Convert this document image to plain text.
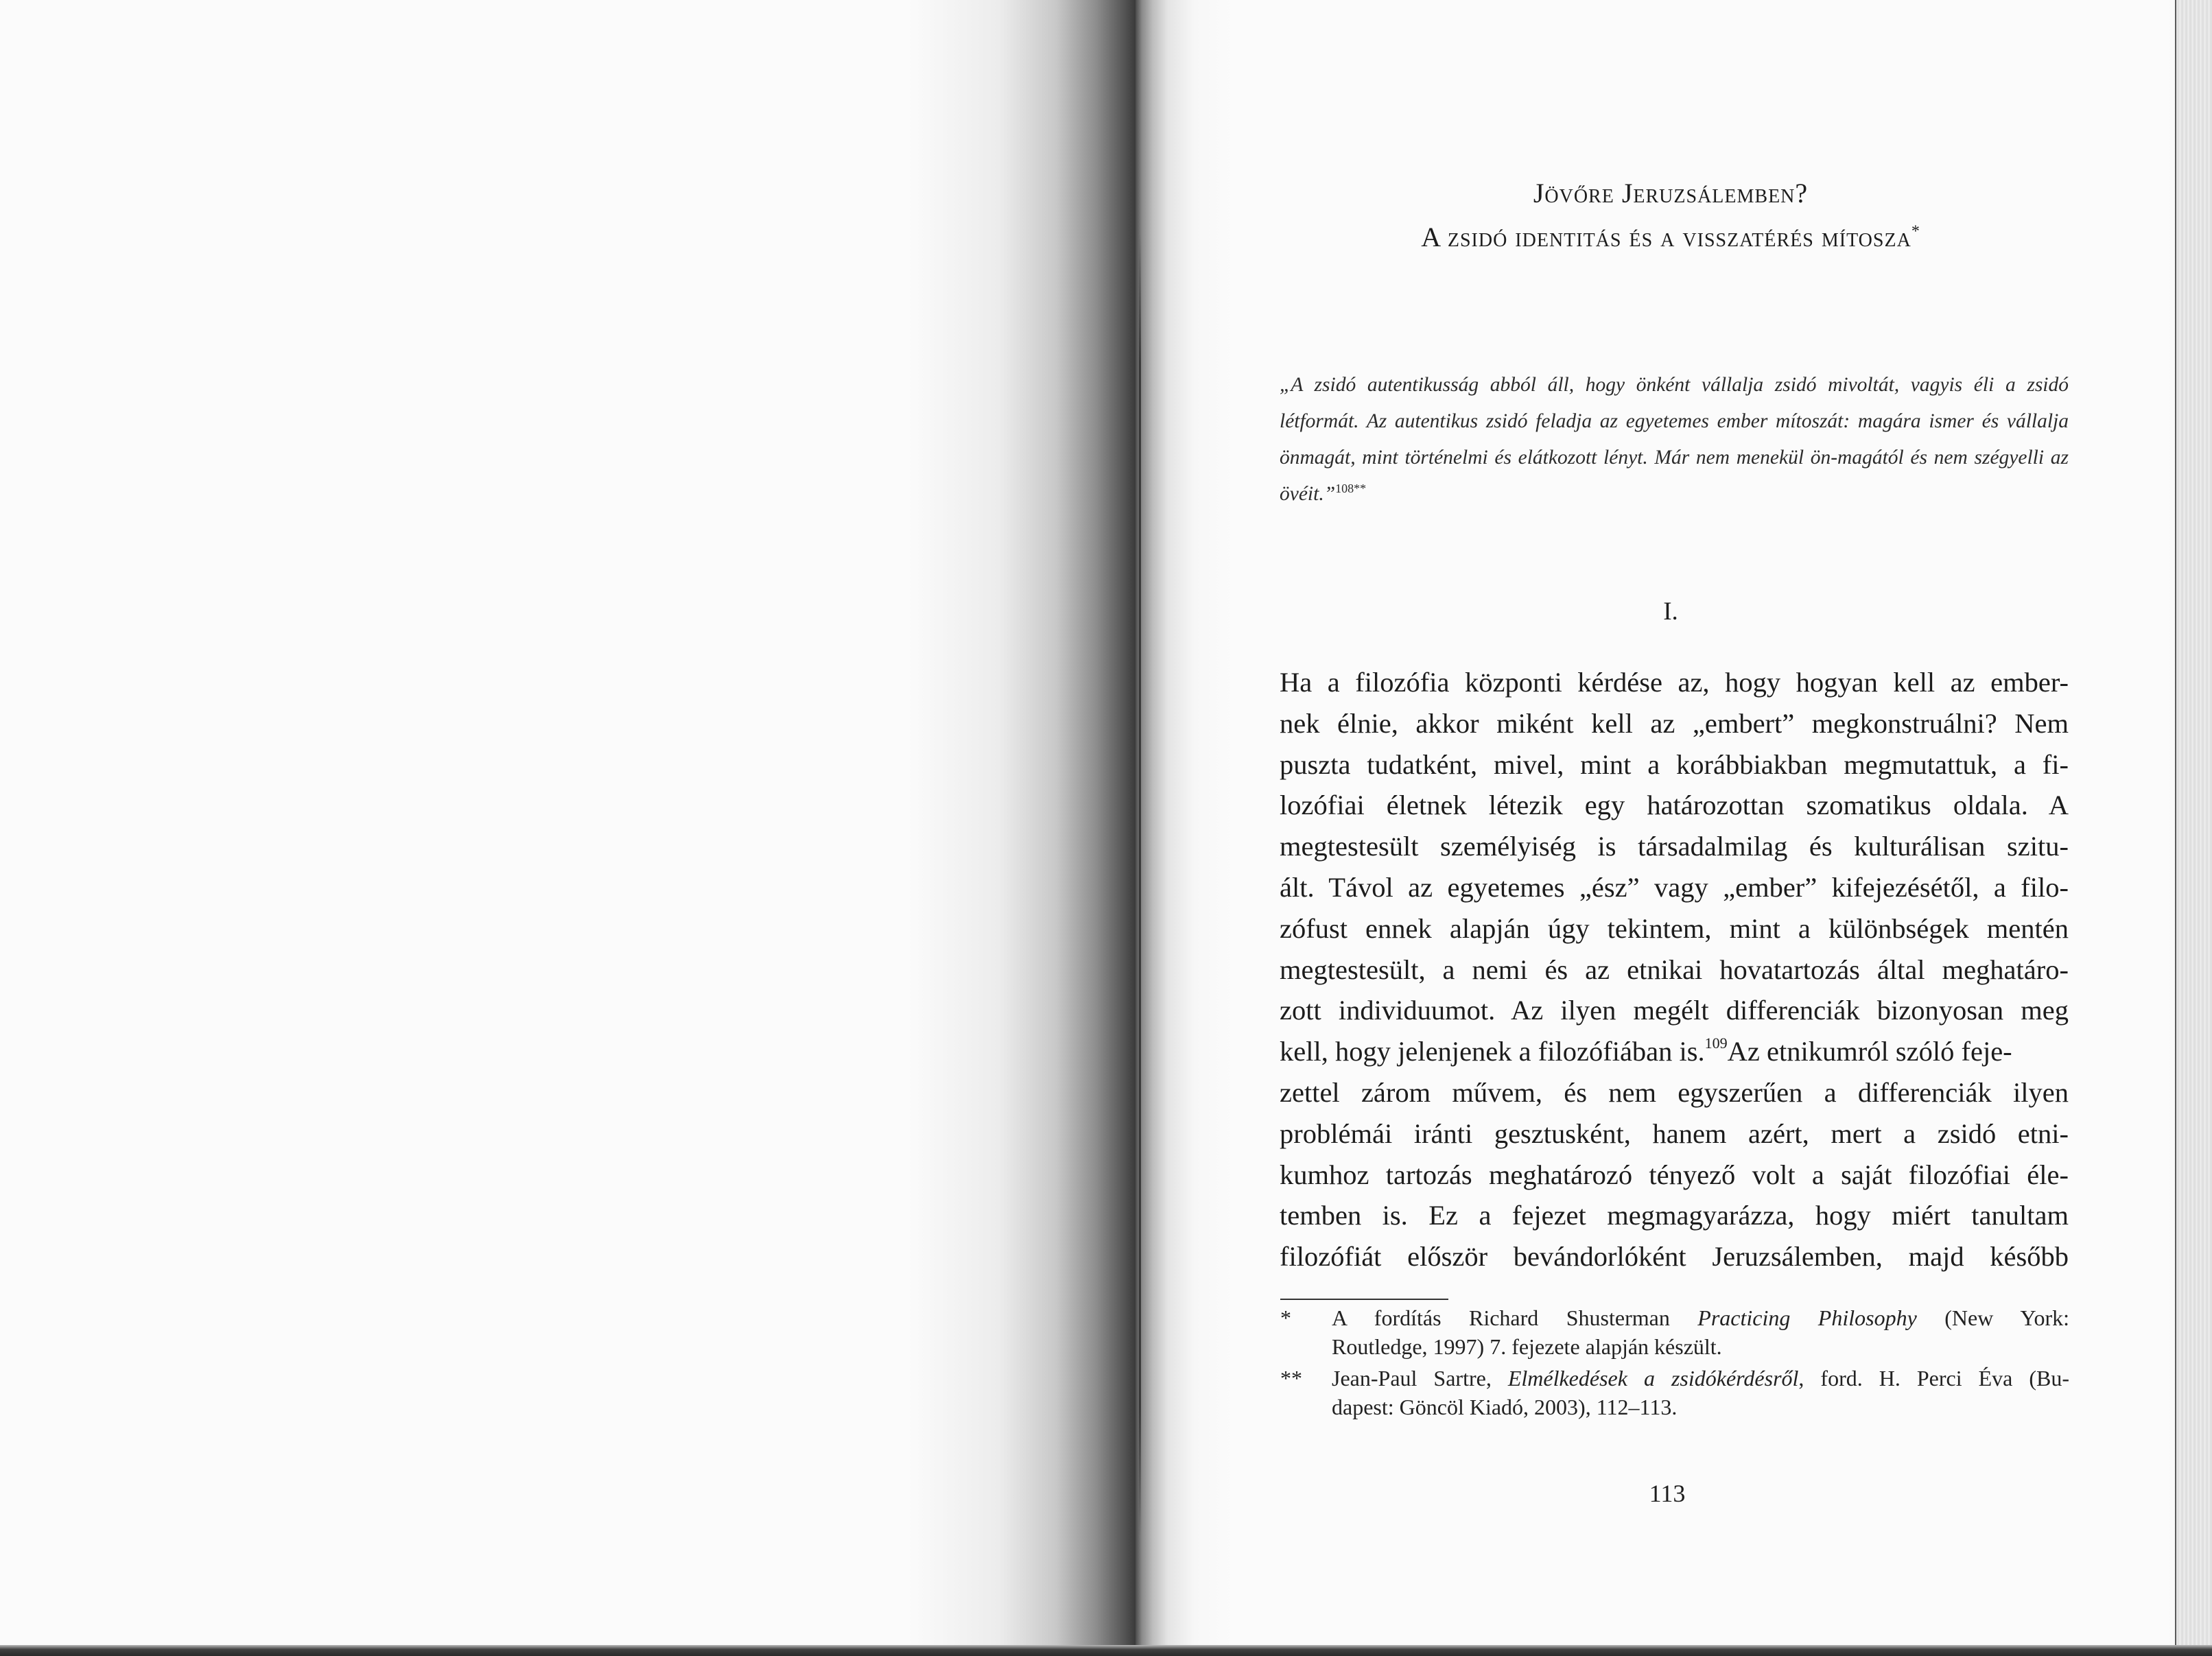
Jövőre Jeruzsálemben?
A zsidó identitás és a visszatérés mítosza*

„A zsidó autentikusság abból áll, hogy önként vállalja zsidó mivoltát, vagyis éli a zsidó létformát. Az autentikus zsidó feladja az egyetemes ember mítoszát: magára ismer és vállalja önmagát, mint történelmi és elátkozott lényt. Már nem menekül ön-magától és nem szégyelli az övéit.”$^{108**}$

I.
Ha a filozófia központi kérdése az, hogy hogyan kell az ember-
nek élnie, akkor miként kell az „embert” megkonstruálni? Nem
puszta tudatként, mivel, mint a korábbiakban megmutattuk, a fi-
lozófiai életnek létezik egy határozottan szomatikus oldala. A
megtestesült személyiség is társadalmilag és kulturálisan szitu-
ált. Távol az egyetemes „ész” vagy „ember” kifejezésétől, a filo-
zófust ennek alapján úgy tekintem, mint a különbségek mentén
megtestesült, a nemi és az etnikai hovatartozás által meghatáro-
zott individuumot. Az ilyen megélt differenciák bizonyosan meg
kell, hogy jelenjenek a filozófiában is.$^{109}$Az etnikumról szóló feje-
zettel zárom művem, és nem egyszerűen a differenciák ilyen
problémái iránti gesztusként, hanem azért, mert a zsidó etni-
kumhoz tartozás meghatározó tényező volt a saját filozófiai éle-
temben is. Ez a fejezet megmagyarázza, hogy miért tanultam
filozófiát először bevándorlóként Jeruzsálemben, majd később
*	A fordítás Richard Shusterman Practicing Philosophy (New York:
Routledge, 1997) 7. fejezete alapján készült.
**	Jean-Paul Sartre, Elmélkedések a zsidókérdésről, ford. H. Perci Éva (Bu-
dapest: Göncöl Kiadó, 2003), 112–113.
113
